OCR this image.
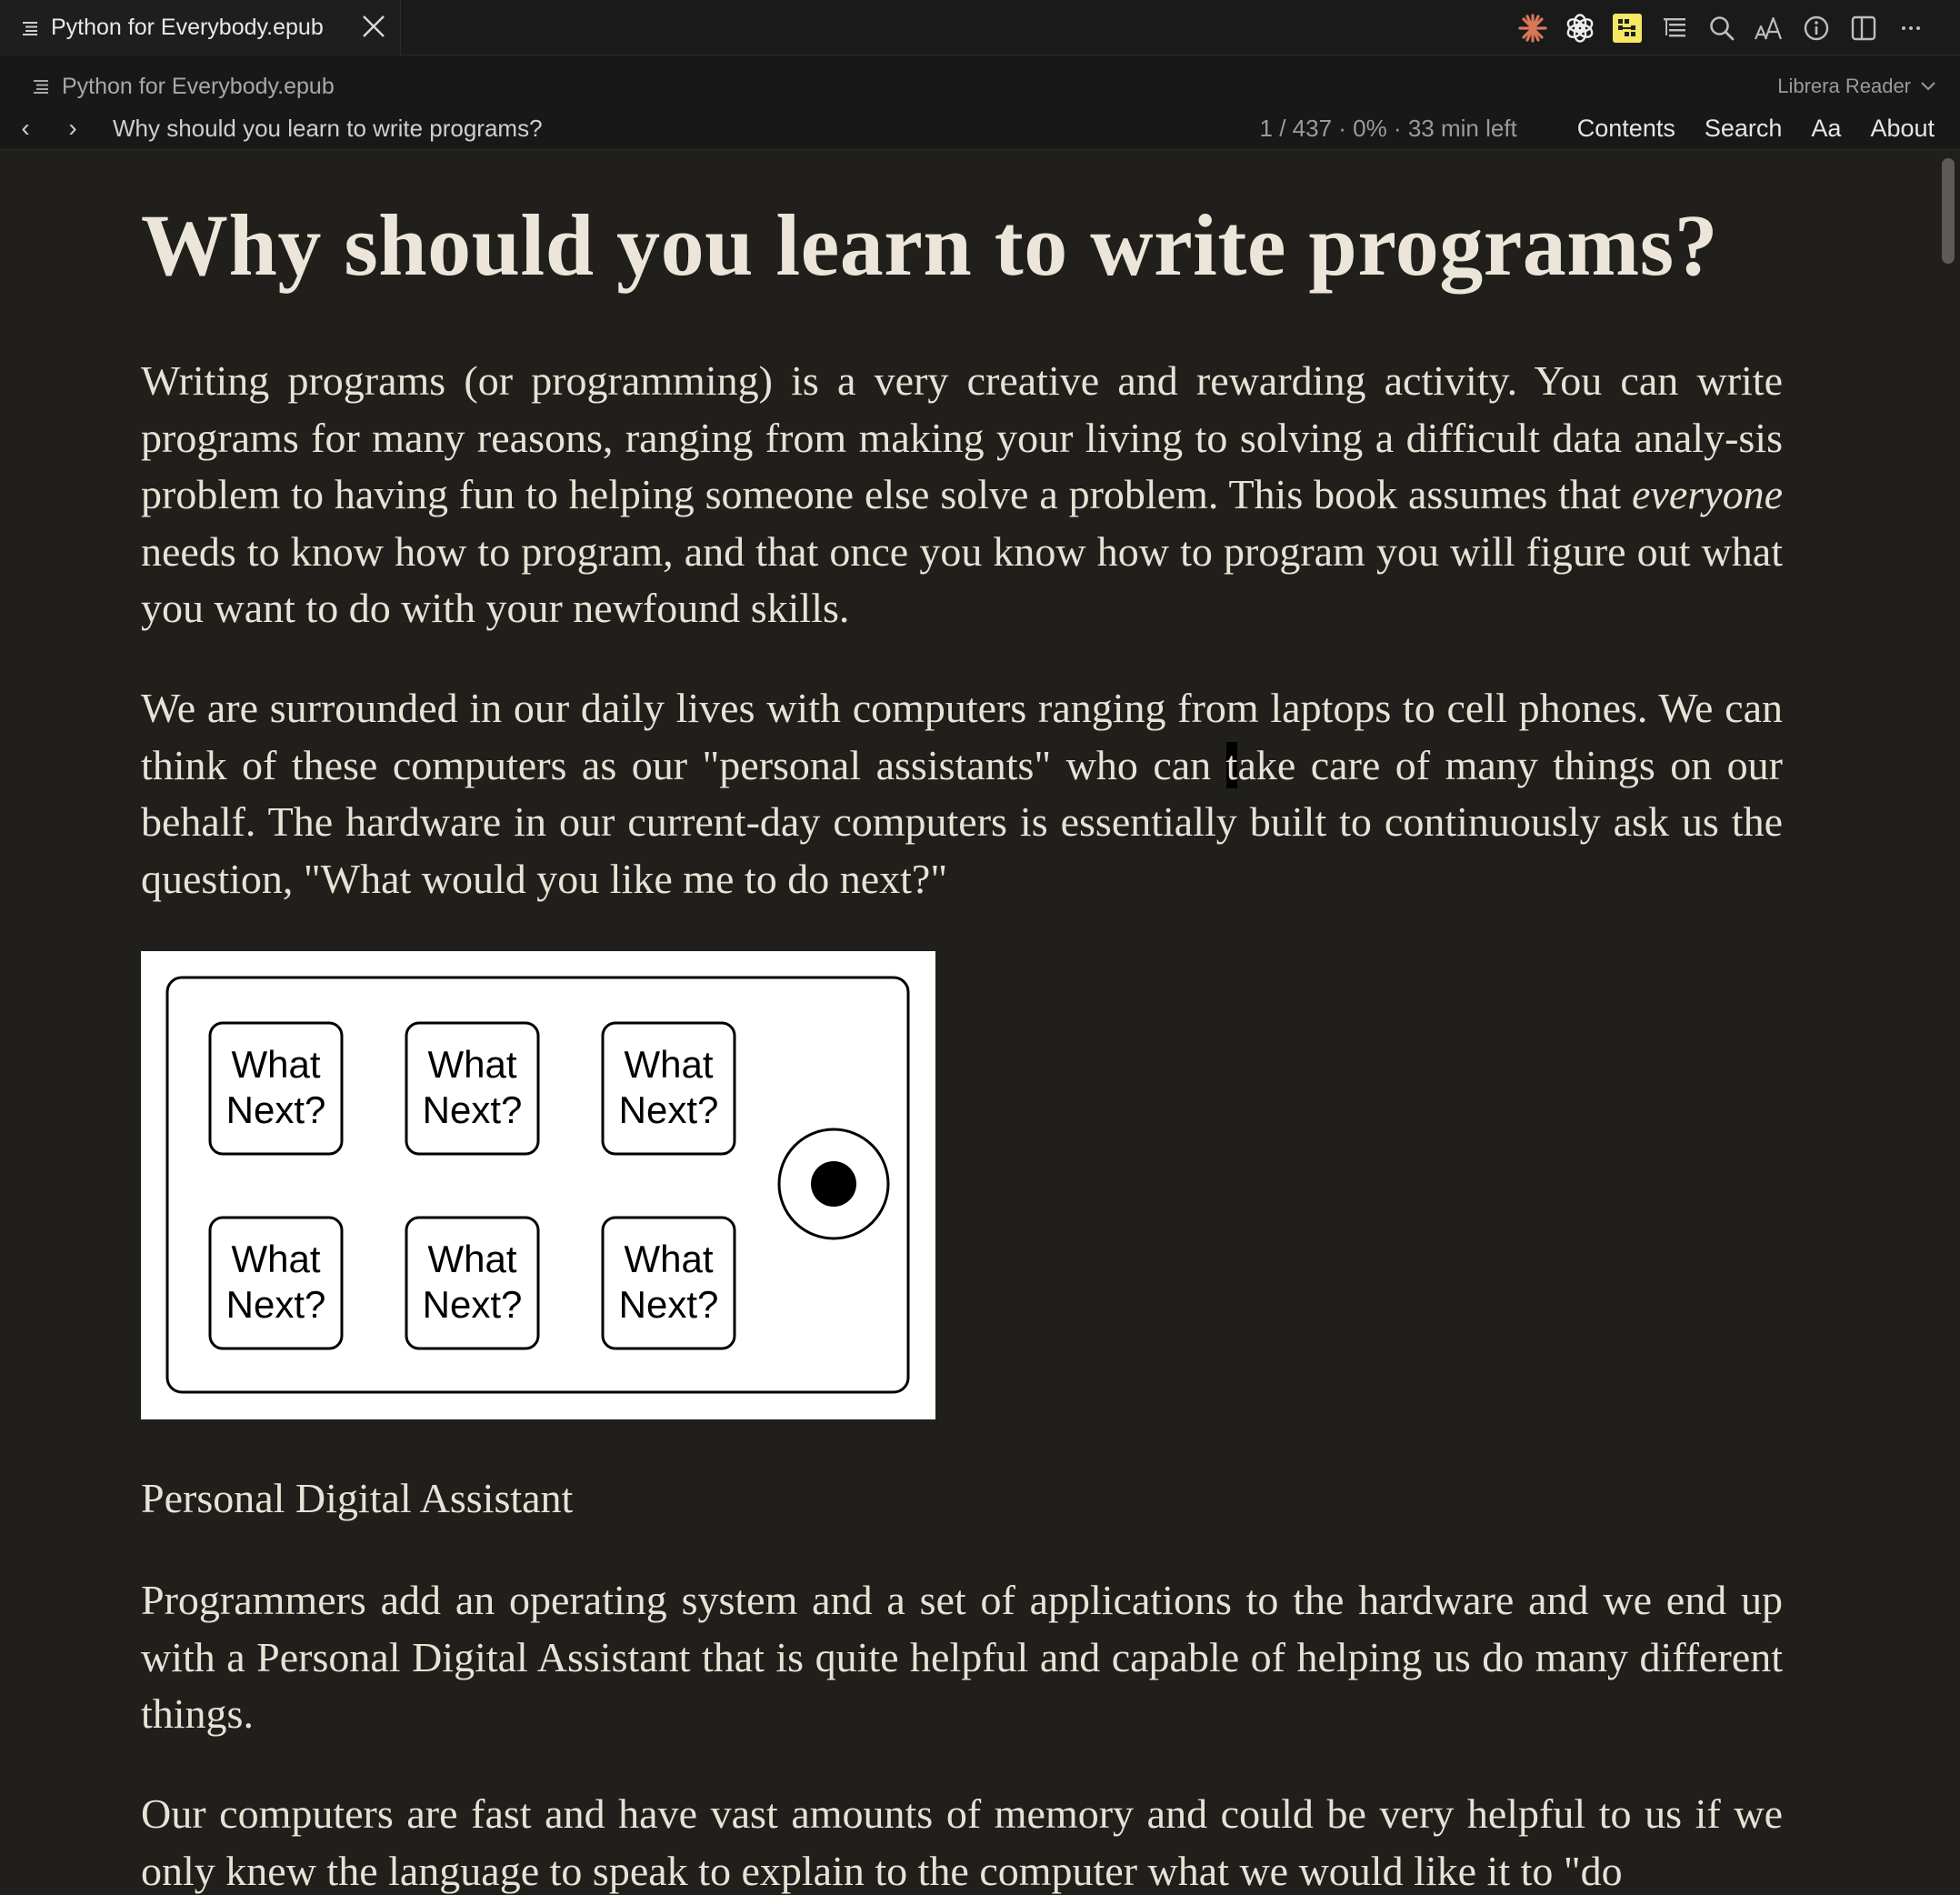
Python for Everybody.epub
Python for Everybody.epub	Librera Reader
‹	›	Why should you learn to write programs?	1 / 437 · 0% · 33 min left Contents Search Aa About
Why should you learn to write programs?

Writing programs (or programming) is a very creative and rewarding activity. You can write programs for many reasons, ranging from making your living to solving a difficult data analy-sis problem to having fun to helping someone else solve a problem. This book assumes that everyone needs to know how to program, and that once you know how to program you will figure out what you want to do with your newfound skills.

We are surrounded in our daily lives with computers ranging from laptops to cell phones. We can think of these computers as our "personal assistants" who can take care of many things on our behalf. The hardware in our current-day computers is essentially built to continuously ask us the question, "What would you like me to do next?"

What
Next?
What
Next?
What
Next?
What
Next?
What
Next?
What
Next?
Personal Digital Assistant

Programmers add an operating system and a set of applications to the hardware and we end up with a Personal Digital Assistant that is quite helpful and capable of helping us do many different things.

Our computers are fast and have vast amounts of memory and could be very helpful to us if we only knew the language to speak to explain to the computer what we would like it to "do
